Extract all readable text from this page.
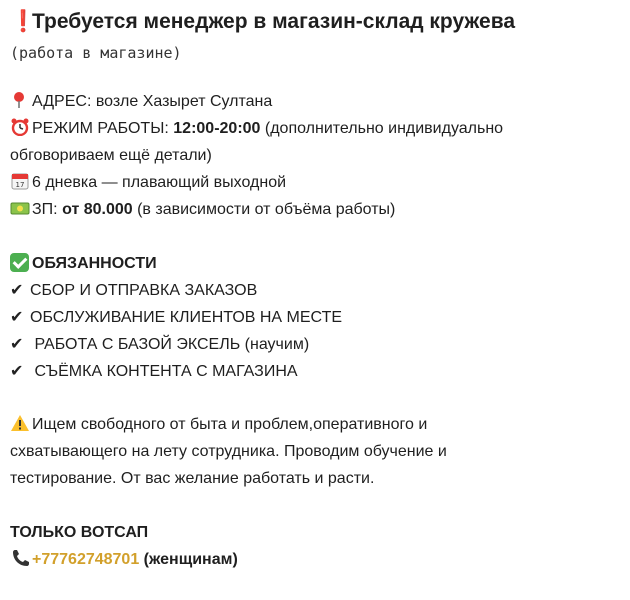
❗Требуется менеджер в магазин-склад кружева
(работа в магазине)
АДРЕС: возле Хазырет Султана
РЕЖИМ РАБОТЫ: 12:00-20:00 (дополнительно индивидуально
обговориваем ещё детали)
17 6 дневка — плавающий выходной
ЗП: от 80.000 (в зависимости от объёма работы)
ОБЯЗАННОСТИ
✔ СБОР И ОТПРАВКА ЗАКАЗОВ
✔ ОБСЛУЖИВАНИЕ КЛИЕНТОВ НА МЕСТЕ
✔ РАБОТА С БАЗОЙ ЭКСЕЛЬ (научим)
✔ СЪЁМКА КОНТЕНТА С МАГАЗИНА
Ищем свободного от быта и проблем,оперативного и
схватывающего на лету сотрудника. Проводим обучение и
тестирование. От вас желание работать и расти.
ТОЛЬКО ВОТСАП
+77762748701 (женщинам)
